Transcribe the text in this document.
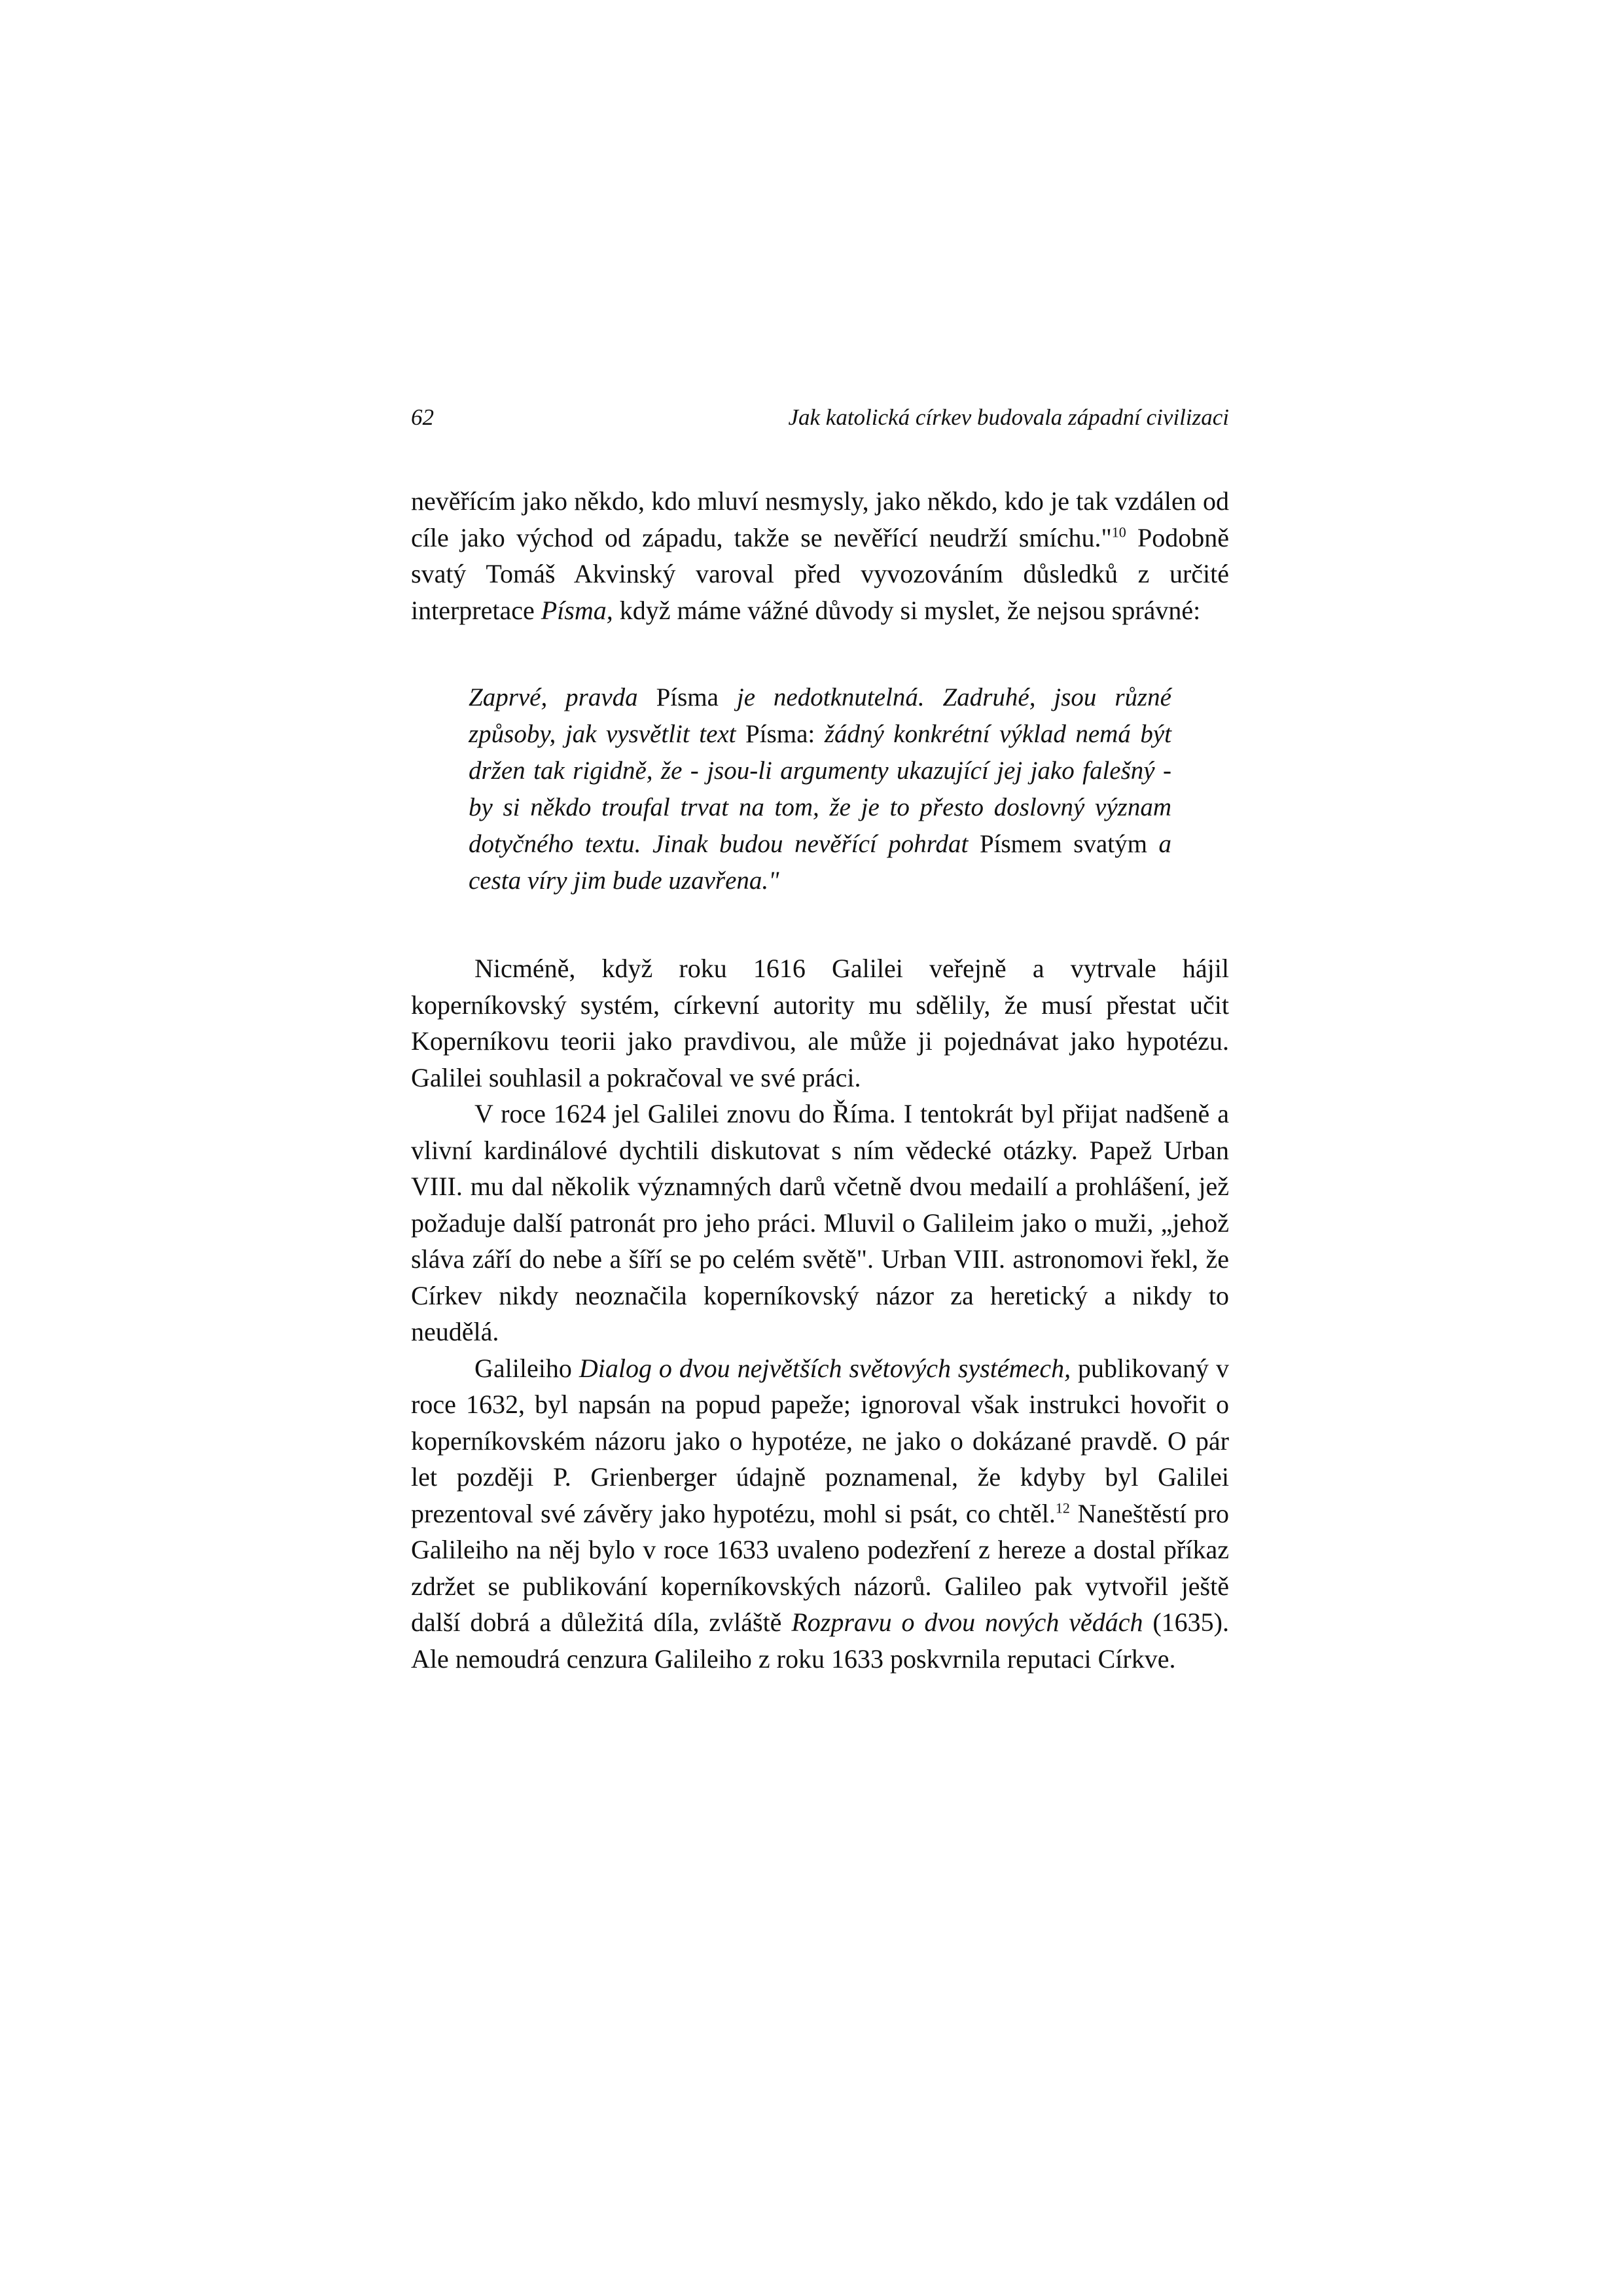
62	Jak katolická církev budovala západní civilizaci

nevěřícím jako někdo, kdo mluví nesmysly, jako někdo, kdo je tak vzdálen od cíle jako východ od západu, takže se nevěřící neudrží smíchu."$^{10}$ Podobně svatý Tomáš Akvinský varoval před vyvozováním důsledků z určité interpretace Písma, když máme vážné důvody si myslet, že nejsou správné:

Zaprvé, pravda Písma je nedotknutelná. Zadruhé, jsou různé způsoby, jak vysvětlit text Písma: žádný konkrétní výklad nemá být držen tak rigidně, že - jsou-li argumenty ukazující jej jako falešný - by si někdo troufal trvat na tom, že je to přesto doslovný význam dotyčného textu. Jinak budou nevěřící pohrdat Písmem svatým a cesta víry jim bude uzavřena."

Nicméně, když roku 1616 Galilei veřejně a vytrvale hájil koperníkovský systém, církevní autority mu sdělily, že musí přestat učit Koperníkovu teorii jako pravdivou, ale může ji pojednávat jako hypotézu. Galilei souhlasil a pokračoval ve své práci.

V roce 1624 jel Galilei znovu do Říma. I tentokrát byl přijat nadšeně a vlivní kardinálové dychtili diskutovat s ním vědecké otázky. Papež Urban VIII. mu dal několik významných darů včetně dvou medailí a prohlášení, jež požaduje další patronát pro jeho práci. Mluvil o Galileim jako o muži, „jehož sláva září do nebe a šíří se po celém světě". Urban VIII. astronomovi řekl, že Církev nikdy neoznačila koperníkovský názor za heretický a nikdy to neudělá.

Galileiho Dialog o dvou největších světových systémech, publikovaný v roce 1632, byl napsán na popud papeže; ignoroval však instrukci hovořit o koperníkovském názoru jako o hypotéze, ne jako o dokázané pravdě. O pár let později P. Grienberger údajně poznamenal, že kdyby byl Galilei prezentoval své závěry jako hypotézu, mohl si psát, co chtěl.$^{12}$ Naneštěstí pro Galileiho na něj bylo v roce 1633 uvaleno podezření z hereze a dostal příkaz zdržet se publikování koperníkovských názorů. Galileo pak vytvořil ještě další dobrá a důležitá díla, zvláště Rozpravu o dvou nových vědách (1635). Ale nemoudrá cenzura Galileiho z roku 1633 poskvrnila reputaci Církve.
